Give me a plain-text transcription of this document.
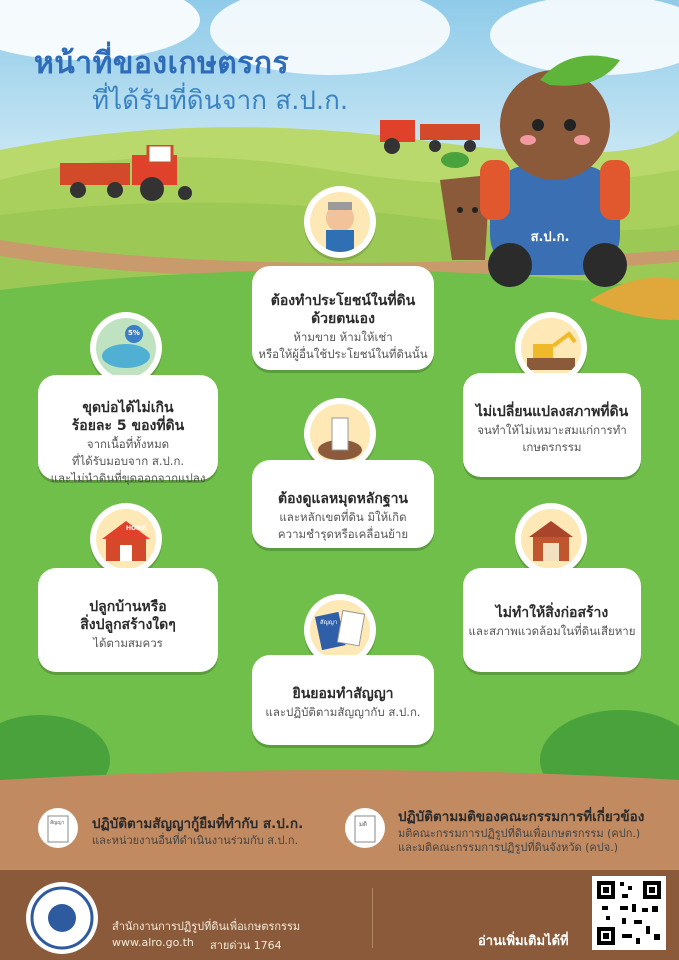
หน้าที่ของเกษตรกร
ที่ได้รับที่ดินจาก ส.ป.ก.
ส.ป.ก.
ต้องทำประโยชน์ในที่ดิน
ด้วยตนเอง
ห้ามขาย ห้ามให้เช่า
หรือให้ผู้อื่นใช้ประโยชน์ในที่ดินนั้น
5%
ขุดบ่อได้ไม่เกิน
ร้อยละ 5 ของที่ดิน
จากเนื้อที่ทั้งหมด
ที่ได้รับมอบจาก ส.ป.ก.
และไม่นำดินที่ขุดออกจากแปลง
ไม่เปลี่ยนแปลงสภาพที่ดิน
จนทำให้ไม่เหมาะสมแก่การทำ
เกษตรกรรม
ต้องดูแลหมุดหลักฐาน
และหลักเขตที่ดิน มิให้เกิด
ความชำรุดหรือเคลื่อนย้าย
HOME
ปลูกบ้านหรือ
สิ่งปลูกสร้างใดๆ
ได้ตามสมควร
ไม่ทำให้สิ่งก่อสร้าง
และสภาพแวดล้อมในที่ดินเสียหาย
สัญญา
ยินยอมทำสัญญา
และปฏิบัติตามสัญญากับ ส.ป.ก.
สัญญา ปฏิบัติตามสัญญากู้ยืมที่ทำกับ ส.ป.ก.
และหน่วยงานอื่นที่ดำเนินงานร่วมกับ ส.ป.ก.
มติ ปฏิบัติตามมติของคณะกรรมการที่เกี่ยวข้อง
มติคณะกรรมการปฏิรูปที่ดินเพื่อเกษตรกรรม (คปก.)
และมติคณะกรรมการปฏิรูปที่ดินจังหวัด (คปจ.)
สำนักงานการปฏิรูปที่ดินเพื่อเกษตรกรรม
www.alro.go.th สายด่วน 1764	อ่านเพิ่มเติมได้ที่
